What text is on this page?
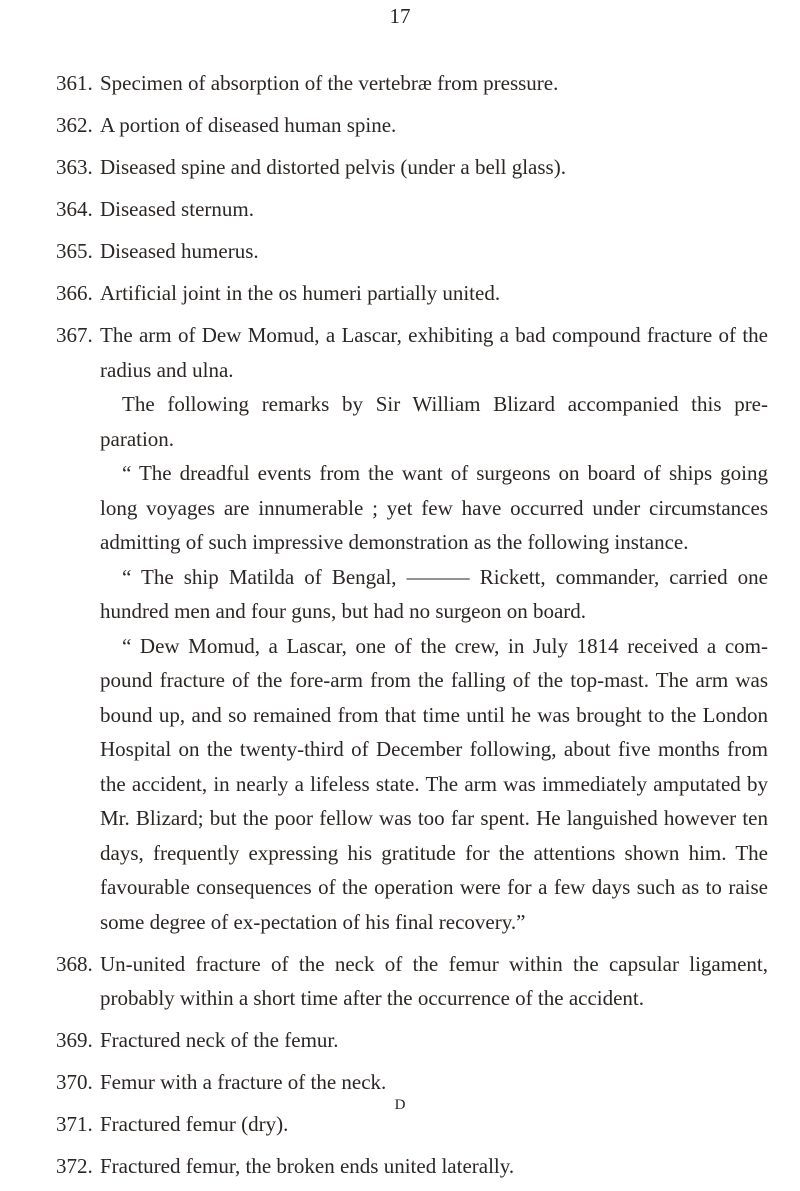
17
361. Specimen of absorption of the vertebræ from pressure.
362. A portion of diseased human spine.
363. Diseased spine and distorted pelvis (under a bell glass).
364. Diseased sternum.
365. Diseased humerus.
366. Artificial joint in the os humeri partially united.
367. The arm of Dew Momud, a Lascar, exhibiting a bad compound fracture of the radius and ulna.
The following remarks by Sir William Blizard accompanied this pre-paration.
“ The dreadful events from the want of surgeons on board of ships going long voyages are innumerable ; yet few have occurred under circumstances admitting of such impressive demonstration as the following instance.
“ The ship Matilda of Bengal, ——— Rickett, commander, carried one hundred men and four guns, but had no surgeon on board.
“ Dew Momud, a Lascar, one of the crew, in July 1814 received a com-pound fracture of the fore-arm from the falling of the top-mast. The arm was bound up, and so remained from that time until he was brought to the London Hospital on the twenty-third of December following, about five months from the accident, in nearly a lifeless state. The arm was immediately amputated by Mr. Blizard; but the poor fellow was too far spent. He languished however ten days, frequently expressing his gratitude for the attentions shown him. The favourable consequences of the operation were for a few days such as to raise some degree of ex-pectation of his final recovery.”
368. Un-united fracture of the neck of the femur within the capsular ligament, probably within a short time after the occurrence of the accident.
369. Fractured neck of the femur.
370. Femur with a fracture of the neck.
371. Fractured femur (dry).
372. Fractured femur, the broken ends united laterally.
D
